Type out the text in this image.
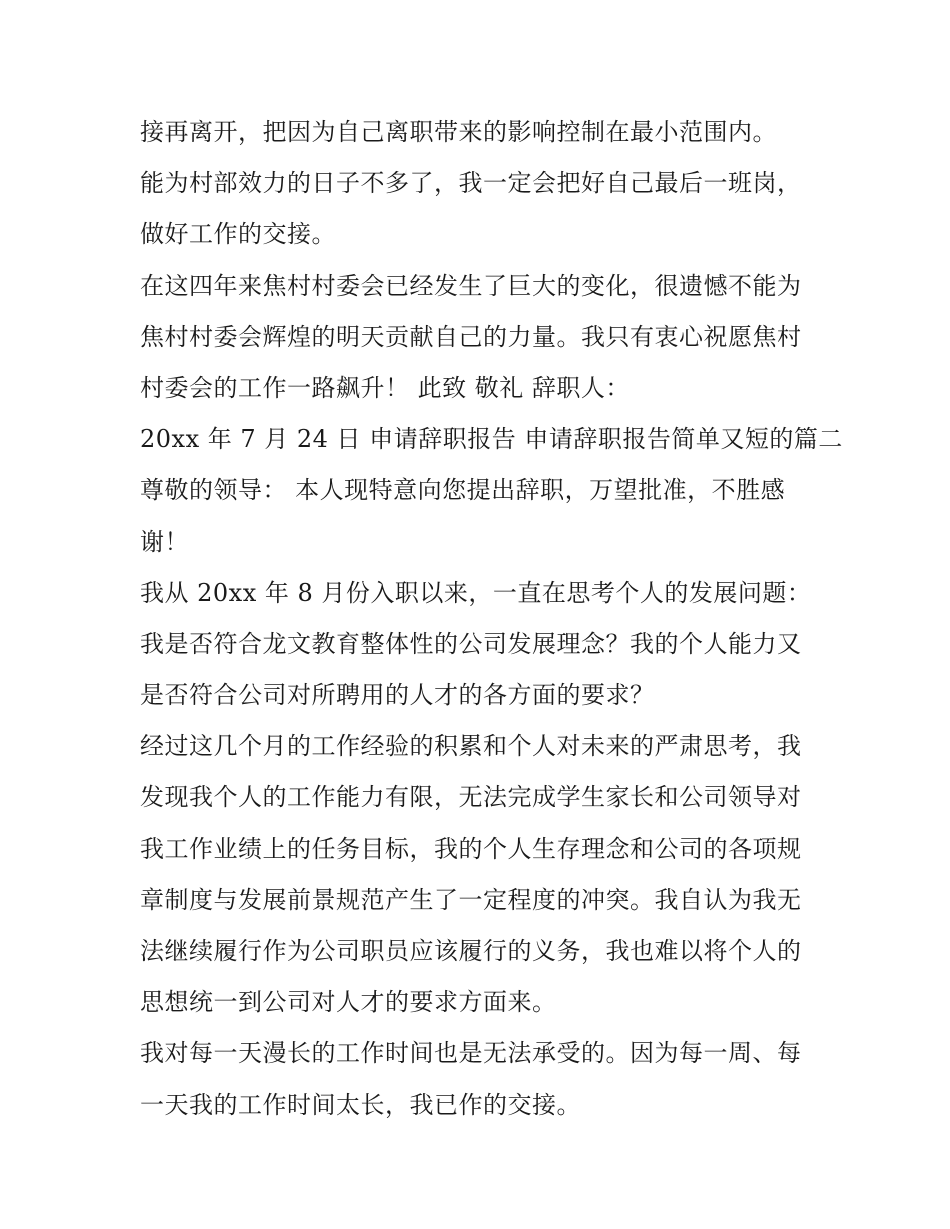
接再离开，把因为自己离职带来的影响控制在最小范围内。
能为村部效力的日子不多了，我一定会把好自己最后一班岗，
做好工作的交接。
在这四年来焦村村委会已经发生了巨大的变化，很遗憾不能为
焦村村委会辉煌的明天贡献自己的力量。我只有衷心祝愿焦村
村委会的工作一路飙升！ 此致 敬礼 辞职人：
20xx 年 7 月 24 日 申请辞职报告 申请辞职报告简单又短的篇二
尊敬的领导： 本人现特意向您提出辞职，万望批准，不胜感
谢！
我从 20xx 年 8 月份入职以来，一直在思考个人的发展问题：
我是否符合龙文教育整体性的公司发展理念？我的个人能力又
是否符合公司对所聘用的人才的各方面的要求？
经过这几个月的工作经验的积累和个人对未来的严肃思考，我
发现我个人的工作能力有限，无法完成学生家长和公司领导对
我工作业绩上的任务目标，我的个人生存理念和公司的各项规
章制度与发展前景规范产生了一定程度的冲突。我自认为我无
法继续履行作为公司职员应该履行的义务，我也难以将个人的
思想统一到公司对人才的要求方面来。
我对每一天漫长的工作时间也是无法承受的。因为每一周、每
一天我的工作时间太长，我已作的交接。
